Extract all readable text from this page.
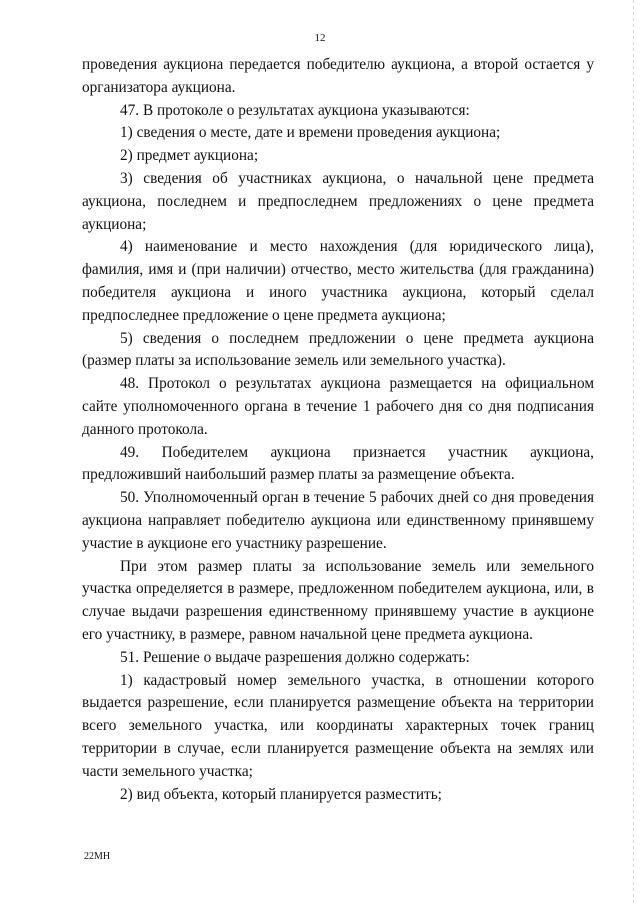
12

проведения аукциона передается победителю аукциона, а второй остается у организатора аукциона.

47. В протоколе о результатах аукциона указываются:

1) сведения о месте, дате и времени проведения аукциона;

2) предмет аукциона;

3) сведения об участниках аукциона, о начальной цене предмета аукциона, последнем и предпоследнем предложениях о цене предмета аукциона;

4) наименование и место нахождения (для юридического лица), фамилия, имя и (при наличии) отчество, место жительства (для гражданина) победителя аукциона и иного участника аукциона, который сделал предпоследнее предложение о цене предмета аукциона;

5) сведения о последнем предложении о цене предмета аукциона (размер платы за использование земель или земельного участка).

48. Протокол о результатах аукциона размещается на официальном сайте уполномоченного органа в течение 1 рабочего дня со дня подписания данного протокола.

49. Победителем аукциона признается участник аукциона, предложивший наибольший размер платы за размещение объекта.

50. Уполномоченный орган в течение 5 рабочих дней со дня проведения аукциона направляет победителю аукциона или единственному принявшему участие в аукционе его участнику разрешение.

При этом размер платы за использование земель или земельного участка определяется в размере, предложенном победителем аукциона, или, в случае выдачи разрешения единственному принявшему участие в аукционе его участнику, в размере, равном начальной цене предмета аукциона.

51. Решение о выдаче разрешения должно содержать:

1) кадастровый номер земельного участка, в отношении которого выдается разрешение, если планируется размещение объекта на территории всего земельного участка, или координаты характерных точек границ территории в случае, если планируется размещение объекта на землях или части земельного участка;

2) вид объекта, который планируется разместить;

22МН
